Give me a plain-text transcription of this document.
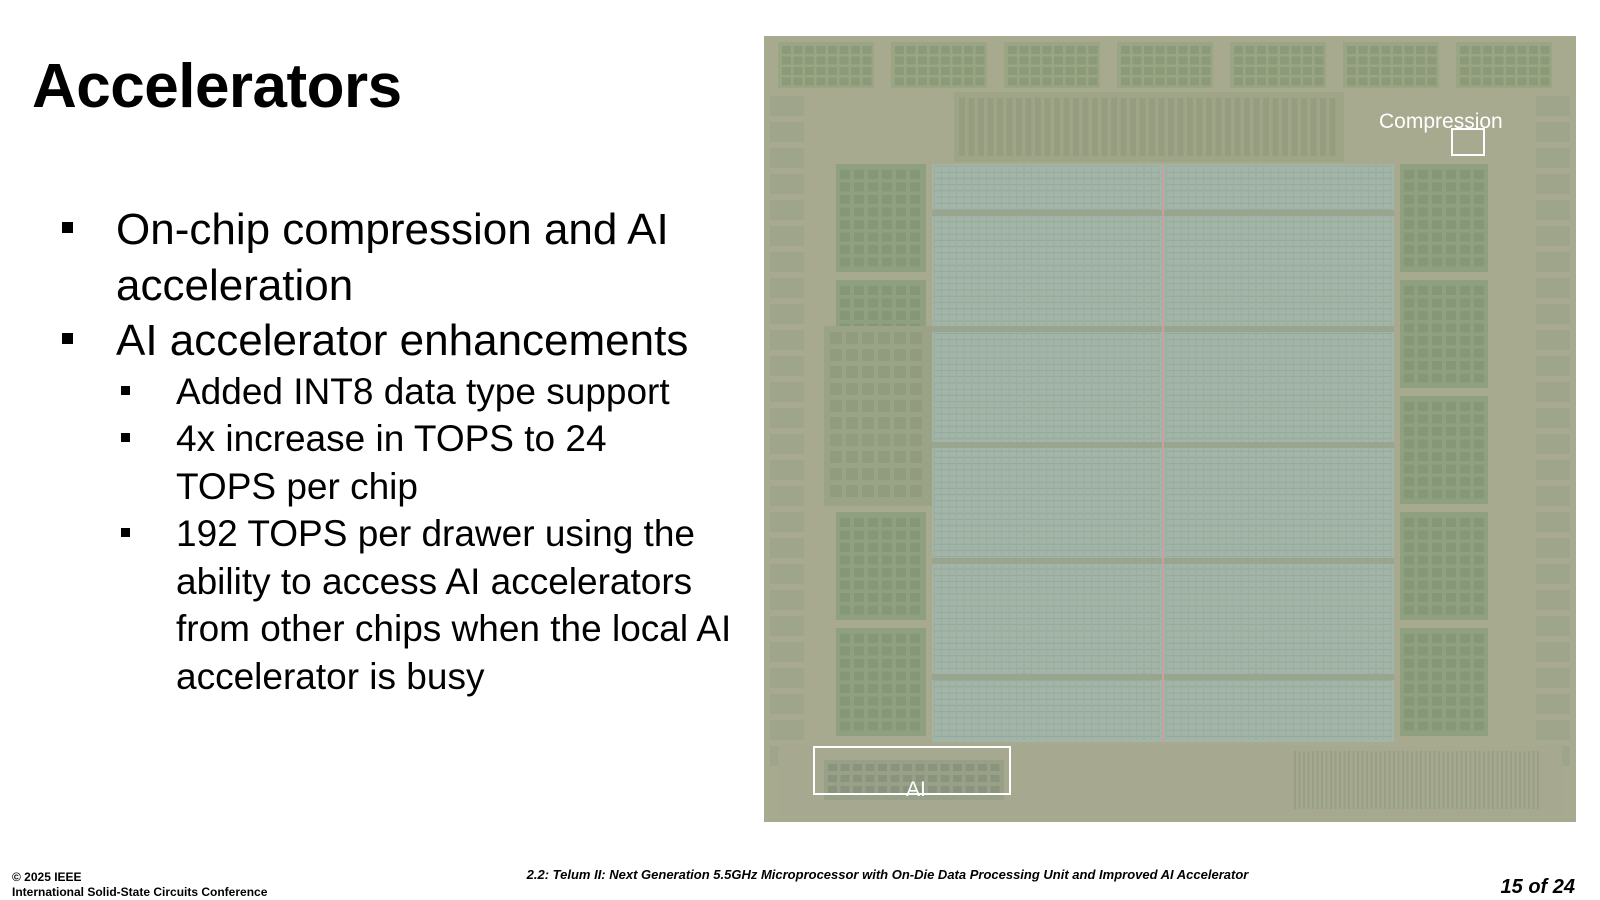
Accelerators
On-chip compression and AI acceleration
AI accelerator enhancements
Added INT8 data type support
4x increase in TOPS to 24 TOPS per chip
192 TOPS per drawer using the ability to access AI accelerators from other chips when the local AI accelerator is busy
Compression
AI
© 2025 IEEE
International Solid-State Circuits Conference
2.2: Telum II: Next Generation 5.5GHz Microprocessor with On-Die Data Processing Unit and Improved AI Accelerator
15 of 24
